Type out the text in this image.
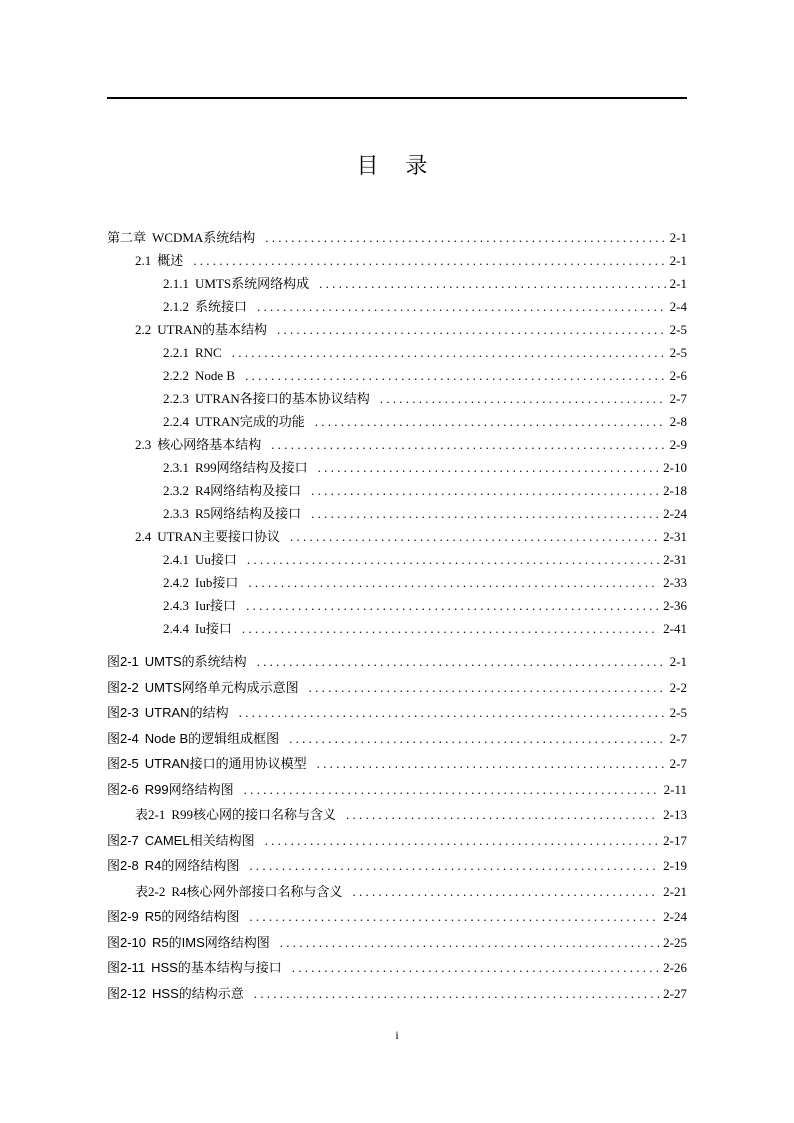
目 录
第二章 WCDMA系统结构 . . .	2-1
2.1 概述 . . .	2-1
2.1.1 UMTS系统网络构成 . . .	2-1
2.1.2 系统接口 . . .	2-4
2.2 UTRAN的基本结构 . . .	2-5
2.2.1 RNC . . .	2-5
2.2.2 Node B . . .	2-6
2.2.3 UTRAN各接口的基本协议结构 . . .	2-7
2.2.4 UTRAN完成的功能 . . .	2-8
2.3 核心网络基本结构 . . .	2-9
2.3.1 R99网络结构及接口 . . .	2-10
2.3.2 R4网络结构及接口 . . .	2-18
2.3.3 R5网络结构及接口 . . .	2-24
2.4 UTRAN主要接口协议 . . .	2-31
2.4.1 Uu接口 . . .	2-31
2.4.2 Iub接口 . . .	2-33
2.4.3 Iur接口 . . .	2-36
2.4.4 Iu接口 . . .	2-41
图2-1 UMTS的系统结构 . . .	2-1
图2-2 UMTS网络单元构成示意图 . . .	2-2
图2-3 UTRAN的结构 . . .	2-5
图2-4 Node B的逻辑组成框图 . . .	2-7
图2-5 UTRAN接口的通用协议模型 . . .	2-7
图2-6 R99网络结构图 . . .	2-11
表2-1 R99核心网的接口名称与含义 . . .	2-13
图2-7 CAMEL相关结构图 . . .	2-17
图2-8 R4的网络结构图 . . .	2-19
表2-2 R4核心网外部接口名称与含义 . . .	2-21
图2-9 R5的网络结构图 . . .	2-24
图2-10 R5的IMS网络结构图 . . .	2-25
图2-11 HSS的基本结构与接口 . . .	2-26
图2-12 HSS的结构示意 . . .	2-27
i
